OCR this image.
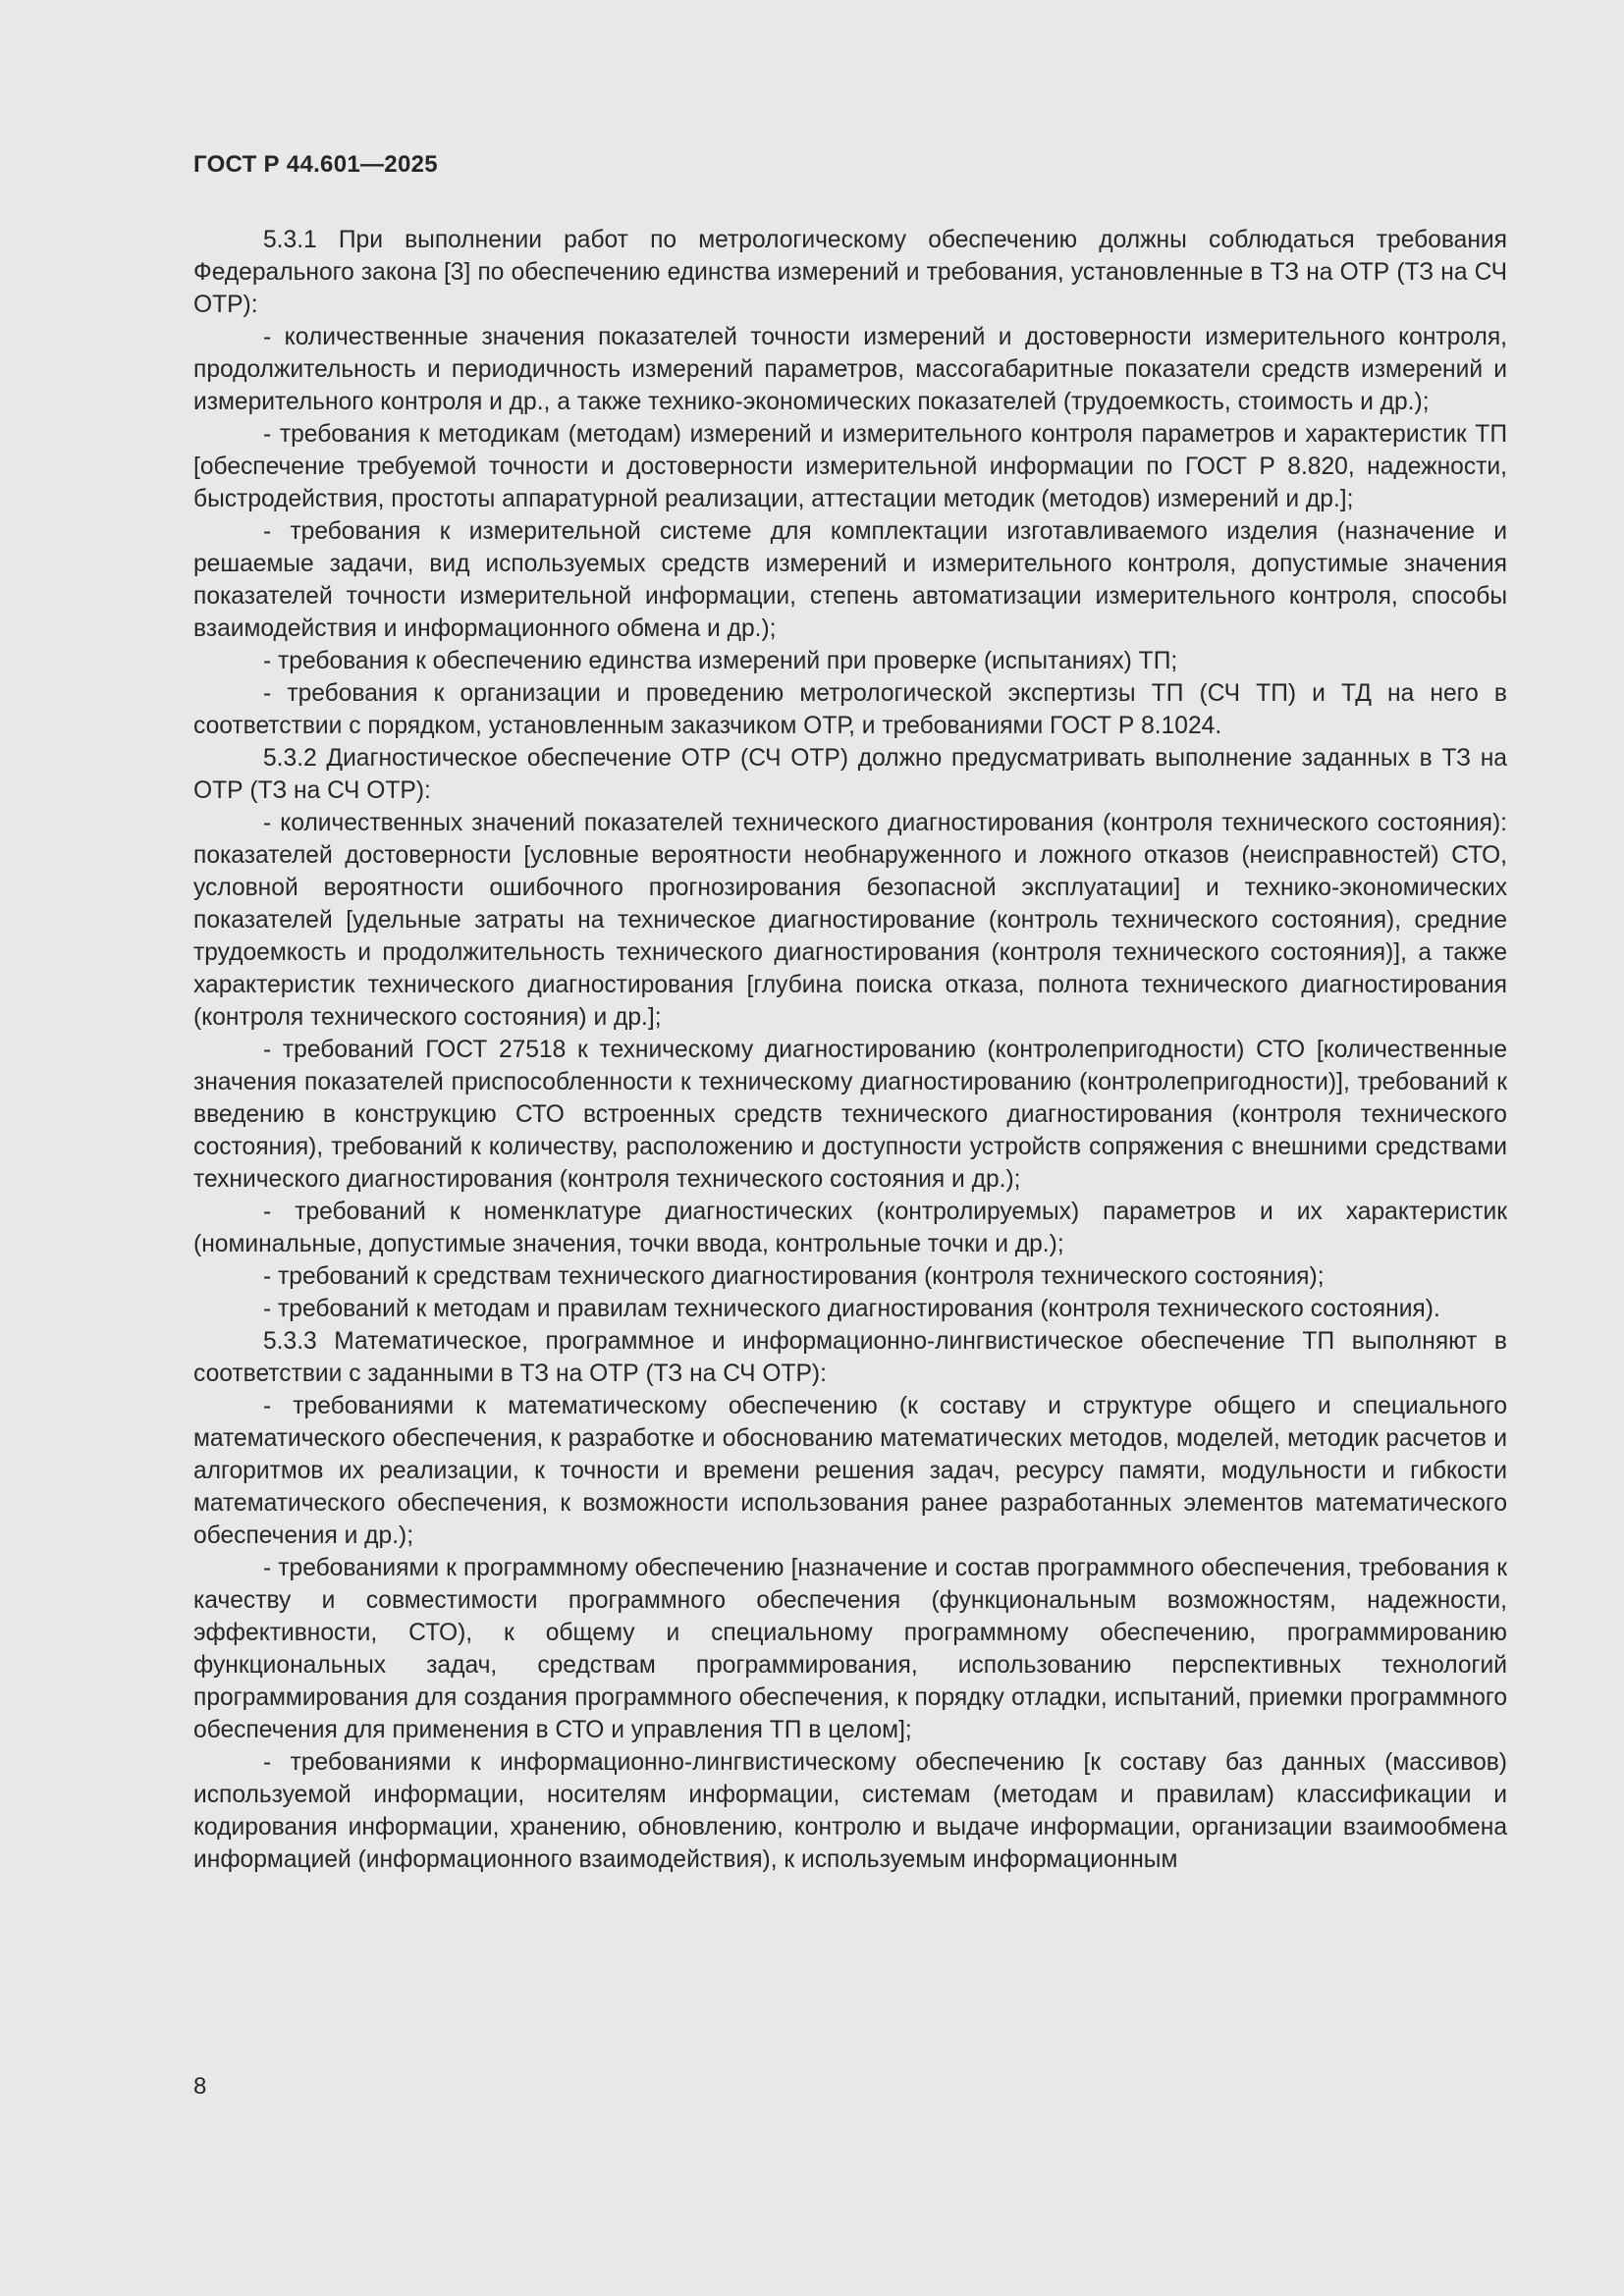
ГОСТ Р 44.601—2025

5.3.1 При выполнении работ по метрологическому обеспечению должны соблюдаться требования Федерального закона [3] по обеспечению единства измерений и требования, установленные в ТЗ на ОТР (ТЗ на СЧ ОТР):

- количественные значения показателей точности измерений и достоверности измерительного контроля, продолжительность и периодичность измерений параметров, массогабаритные показатели средств измерений и измерительного контроля и др., а также технико-экономических показателей (трудоемкость, стоимость и др.);

- требования к методикам (методам) измерений и измерительного контроля параметров и характеристик ТП [обеспечение требуемой точности и достоверности измерительной информации по ГОСТ Р 8.820, надежности, быстродействия, простоты аппаратурной реализации, аттестации методик (методов) измерений и др.];

- требования к измерительной системе для комплектации изготавливаемого изделия (назначение и решаемые задачи, вид используемых средств измерений и измерительного контроля, допустимые значения показателей точности измерительной информации, степень автоматизации измерительного контроля, способы взаимодействия и информационного обмена и др.);

- требования к обеспечению единства измерений при проверке (испытаниях) ТП;

- требования к организации и проведению метрологической экспертизы ТП (СЧ ТП) и ТД на него в соответствии с порядком, установленным заказчиком ОТР, и требованиями ГОСТ Р 8.1024.

5.3.2 Диагностическое обеспечение ОТР (СЧ ОТР) должно предусматривать выполнение заданных в ТЗ на ОТР (ТЗ на СЧ ОТР):

- количественных значений показателей технического диагностирования (контроля технического состояния): показателей достоверности [условные вероятности необнаруженного и ложного отказов (неисправностей) СТО, условной вероятности ошибочного прогнозирования безопасной эксплуатации] и технико-экономических показателей [удельные затраты на техническое диагностирование (контроль технического состояния), средние трудоемкость и продолжительность технического диагностирования (контроля технического состояния)], а также характеристик технического диагностирования [глубина поиска отказа, полнота технического диагностирования (контроля технического состояния) и др.];

- требований ГОСТ 27518 к техническому диагностированию (контролепригодности) СТО [количественные значения показателей приспособленности к техническому диагностированию (контролепригодности)], требований к введению в конструкцию СТО встроенных средств технического диагностирования (контроля технического состояния), требований к количеству, расположению и доступности устройств сопряжения с внешними средствами технического диагностирования (контроля технического состояния и др.);

- требований к номенклатуре диагностических (контролируемых) параметров и их характеристик (номинальные, допустимые значения, точки ввода, контрольные точки и др.);

- требований к средствам технического диагностирования (контроля технического состояния);

- требований к методам и правилам технического диагностирования (контроля технического состояния).

5.3.3 Математическое, программное и информационно-лингвистическое обеспечение ТП выполняют в соответствии с заданными в ТЗ на ОТР (ТЗ на СЧ ОТР):

- требованиями к математическому обеспечению (к составу и структуре общего и специального математического обеспечения, к разработке и обоснованию математических методов, моделей, методик расчетов и алгоритмов их реализации, к точности и времени решения задач, ресурсу памяти, модульности и гибкости математического обеспечения, к возможности использования ранее разработанных элементов математического обеспечения и др.);

- требованиями к программному обеспечению [назначение и состав программного обеспечения, требования к качеству и совместимости программного обеспечения (функциональным возможностям, надежности, эффективности, СТО), к общему и специальному программному обеспечению, программированию функциональных задач, средствам программирования, использованию перспективных технологий программирования для создания программного обеспечения, к порядку отладки, испытаний, приемки программного обеспечения для применения в СТО и управления ТП в целом];

- требованиями к информационно-лингвистическому обеспечению [к составу баз данных (массивов) используемой информации, носителям информации, системам (методам и правилам) классификации и кодирования информации, хранению, обновлению, контролю и выдаче информации, организации взаимообмена информацией (информационного взаимодействия), к используемым информационным

8
